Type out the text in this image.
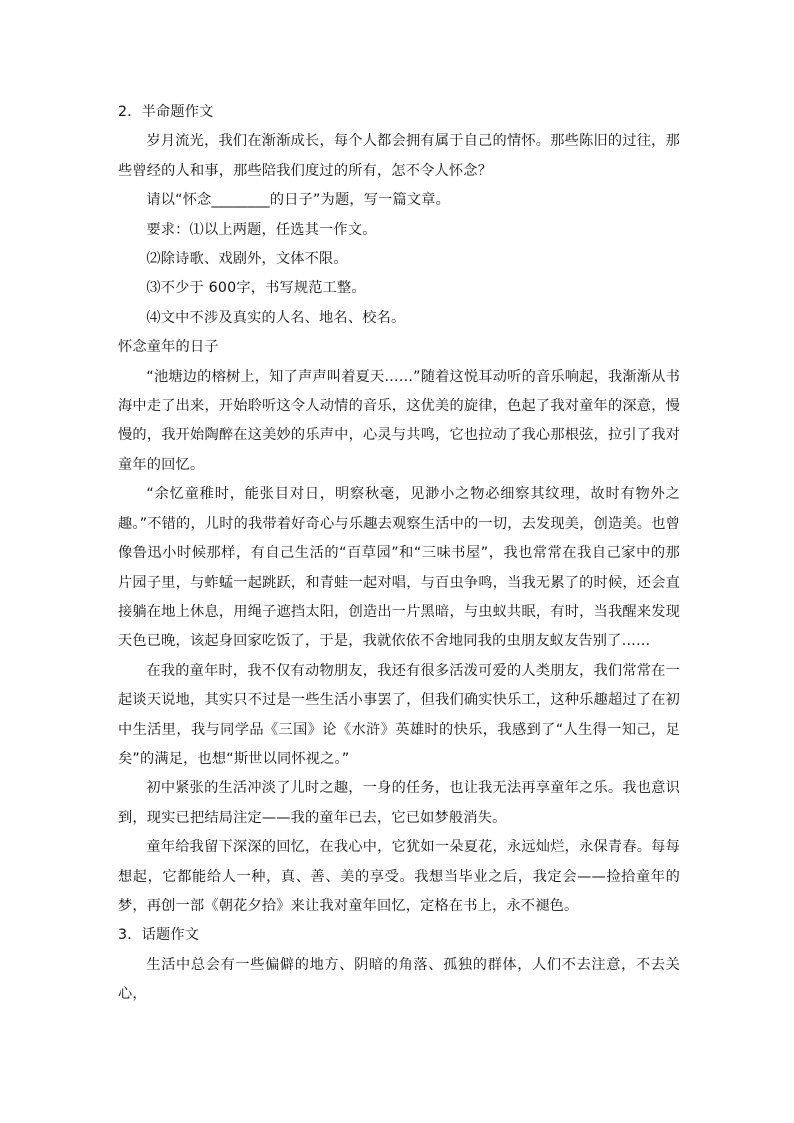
2．半命题作文

岁月流光，我们在渐渐成长，每个人都会拥有属于自己的情怀。那些陈旧的过往，那些曾经的人和事，那些陪我们度过的所有，怎不令人怀念？

请以“怀念________的日子”为题，写一篇文章。

要求：⑴以上两题，任选其一作文。

⑵除诗歌、戏剧外，文体不限。

⑶不少于 600字，书写规范工整。

⑷文中不涉及真实的人名、地名、校名。

怀念童年的日子

“池塘边的榕树上，知了声声叫着夏天……”随着这悦耳动听的音乐响起，我渐渐从书海中走了出来，开始聆听这令人动情的音乐，这优美的旋律，色起了我对童年的深意，慢慢的，我开始陶醉在这美妙的乐声中，心灵与共鸣，它也拉动了我心那根弦，拉引了我对童年的回忆。

“余忆童稚时，能张目对日，明察秋毫，见渺小之物必细察其纹理，故时有物外之趣。”不错的，儿时的我带着好奇心与乐趣去观察生活中的一切，去发现美，创造美。也曾像鲁迅小时候那样，有自己生活的“百草园”和“三味书屋”，我也常常在我自己家中的那片园子里，与蚱蜢一起跳跃，和青蛙一起对唱，与百虫争鸣，当我无累了的时候，还会直接躺在地上休息，用绳子遮挡太阳，创造出一片黑暗，与虫蚁共眠，有时，当我醒来发现天色已晚，该起身回家吃饭了，于是，我就依依不舍地同我的虫朋友蚁友告别了……

在我的童年时，我不仅有动物朋友，我还有很多活泼可爱的人类朋友，我们常常在一起谈天说地，其实只不过是一些生活小事罢了，但我们确实快乐工，这种乐趣超过了在初中生活里，我与同学品《三国》论《水浒》英雄时的快乐，我感到了“人生得一知己，足矣”的满足，也想“斯世以同怀视之。”

初中紧张的生活冲淡了儿时之趣，一身的任务，也让我无法再享童年之乐。我也意识到，现实已把结局注定——我的童年已去，它已如梦般消失。

童年给我留下深深的回忆，在我心中，它犹如一朵夏花，永远灿烂，永保青春。每每想起，它都能给人一种，真、善、美的享受。我想当毕业之后，我定会——捡拾童年的梦，再创一部《朝花夕拾》来让我对童年回忆，定格在书上，永不褪色。

3．话题作文

生活中总会有一些偏僻的地方、阴暗的角落、孤独的群体，人们不去注意，不去关心，
